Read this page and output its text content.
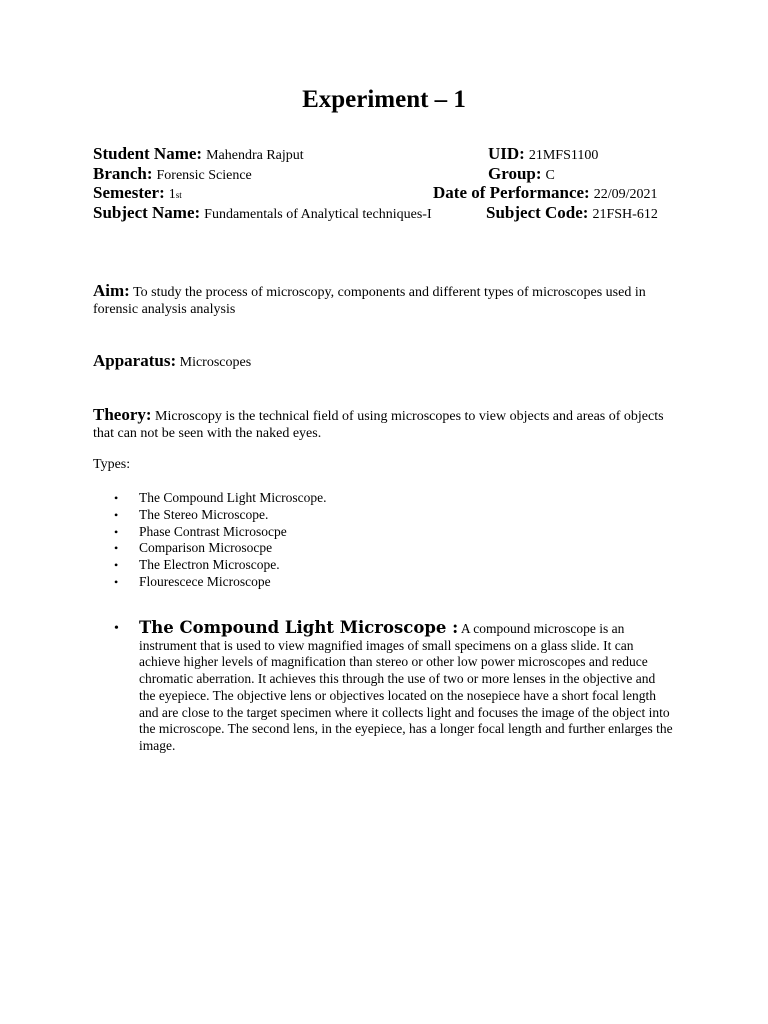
Experiment – 1
Student Name: Mahendra Rajput	UID: 21MFS1100
Branch: Forensic Science	Group: C
Semester: 1st	Date of Performance: 22/09/2021
Subject Name: Fundamentals of Analytical techniques-I	Subject Code: 21FSH-612
Aim: To study the process of microscopy, components and different types of microscopes used in forensic analysis analysis
Apparatus: Microscopes
Theory: Microscopy is the technical field of using microscopes to view objects and areas of objects that can not be seen with the naked eyes.
Types:
• The Compound Light Microscope.
• The Stereo Microscope.
• Phase Contrast Microsocpe
• Comparison Microsocpe
• The Electron Microscope.
• Flourescece Microscope
• The Compound Light Microscope : A compound microscope is an instrument that is used to view magnified images of small specimens on a glass slide. It can achieve higher levels of magnification than stereo or other low power microscopes and reduce chromatic aberration. It achieves this through the use of two or more lenses in the objective and the eyepiece. The objective lens or objectives located on the nosepiece have a short focal length and are close to the target specimen where it collects light and focuses the image of the object into the microscope. The second lens, in the eyepiece, has a longer focal length and further enlarges the image.
